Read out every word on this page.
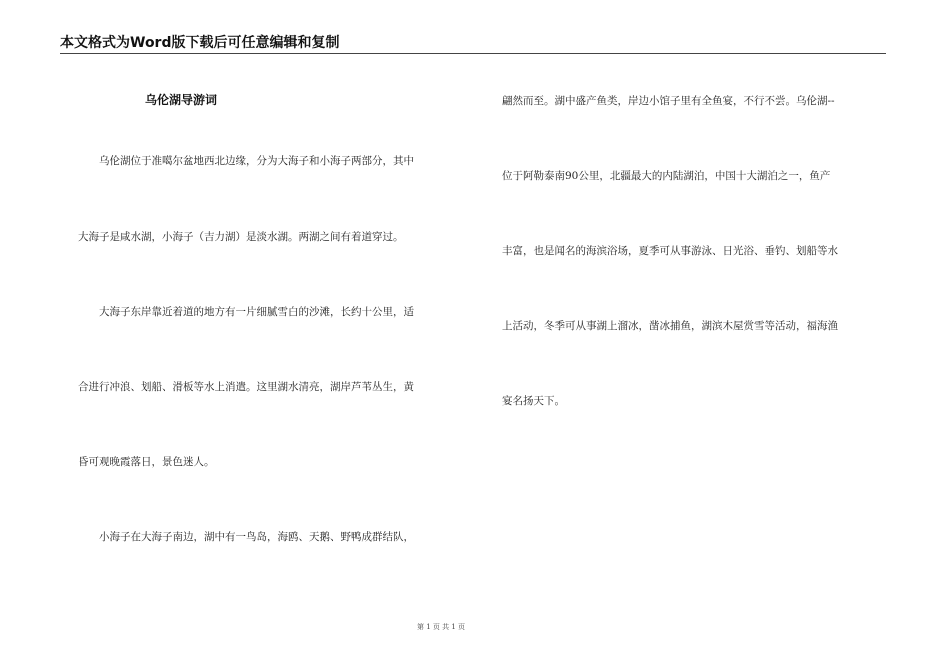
本文格式为Word版下载后可任意编辑和复制
乌伦湖导游词
乌伦湖位于准噶尔盆地西北边缘，分为大海子和小海子两部分，其中
大海子是咸水湖，小海子（吉力湖）是淡水湖。两湖之间有着道穿过。
大海子东岸靠近着道的地方有一片细腻雪白的沙滩，长约十公里，适
合进行冲浪、划船、滑板等水上消遣。这里湖水清亮，湖岸芦苇丛生，黄
昏可观晚霞落日，景色迷人。
小海子在大海子南边，湖中有一鸟岛，海鸥、天鹅、野鸭成群结队，
翩然而至。湖中盛产鱼类，岸边小馆子里有全鱼宴，不行不尝。乌伦湖--
位于阿勒泰南90公里，北疆最大的内陆湖泊，中国十大湖泊之一，鱼产
丰富，也是闻名的海滨浴场，夏季可从事游泳、日光浴、垂钓、划船等水
上活动，冬季可从事湖上溜冰，凿冰捕鱼，湖滨木屋赏雪等活动，福海渔
宴名扬天下。
第 1 页 共 1 页
